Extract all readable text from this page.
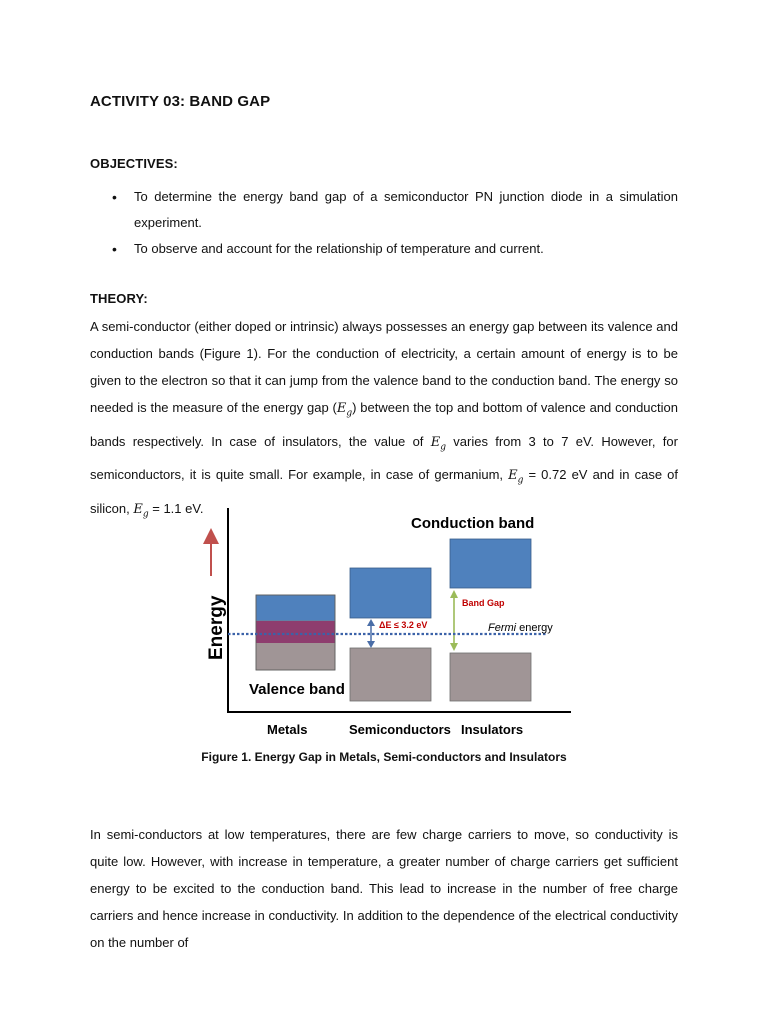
ACTIVITY 03: BAND GAP
OBJECTIVES:
• To determine the energy band gap of a semiconductor PN junction diode in a simulation experiment.
• To observe and account for the relationship of temperature and current.
THEORY:

A semi-conductor (either doped or intrinsic) always possesses an energy gap between its valence and conduction bands (Figure 1). For the conduction of electricity, a certain amount of energy is to be given to the electron so that it can jump from the valence band to the conduction band. The energy so needed is the measure of the energy gap $(E_g)$ between the top and bottom of valence and conduction bands respectively. In case of insulators, the value of $E_g$ varies from 3 to 7 eV. However, for semiconductors, it is quite small. For example, in case of germanium, $E_g = 0.72$ eV and in case of silicon, $E_g = 1.1$ eV.

Energy	ΔE ≤ 3.2 eV
Band Gap
Fermi energy
Conduction band
Valence band
Metals	Semiconductors Insulators
Figure 1. Energy Gap in Metals, Semi-conductors and Insulators

In semi-conductors at low temperatures, there are few charge carriers to move, so conductivity is quite low. However, with increase in temperature, a greater number of charge carriers get sufficient energy to be excited to the conduction band. This lead to increase in the number of free charge carriers and hence increase in conductivity. In addition to the dependence of the electrical conductivity on the number of
